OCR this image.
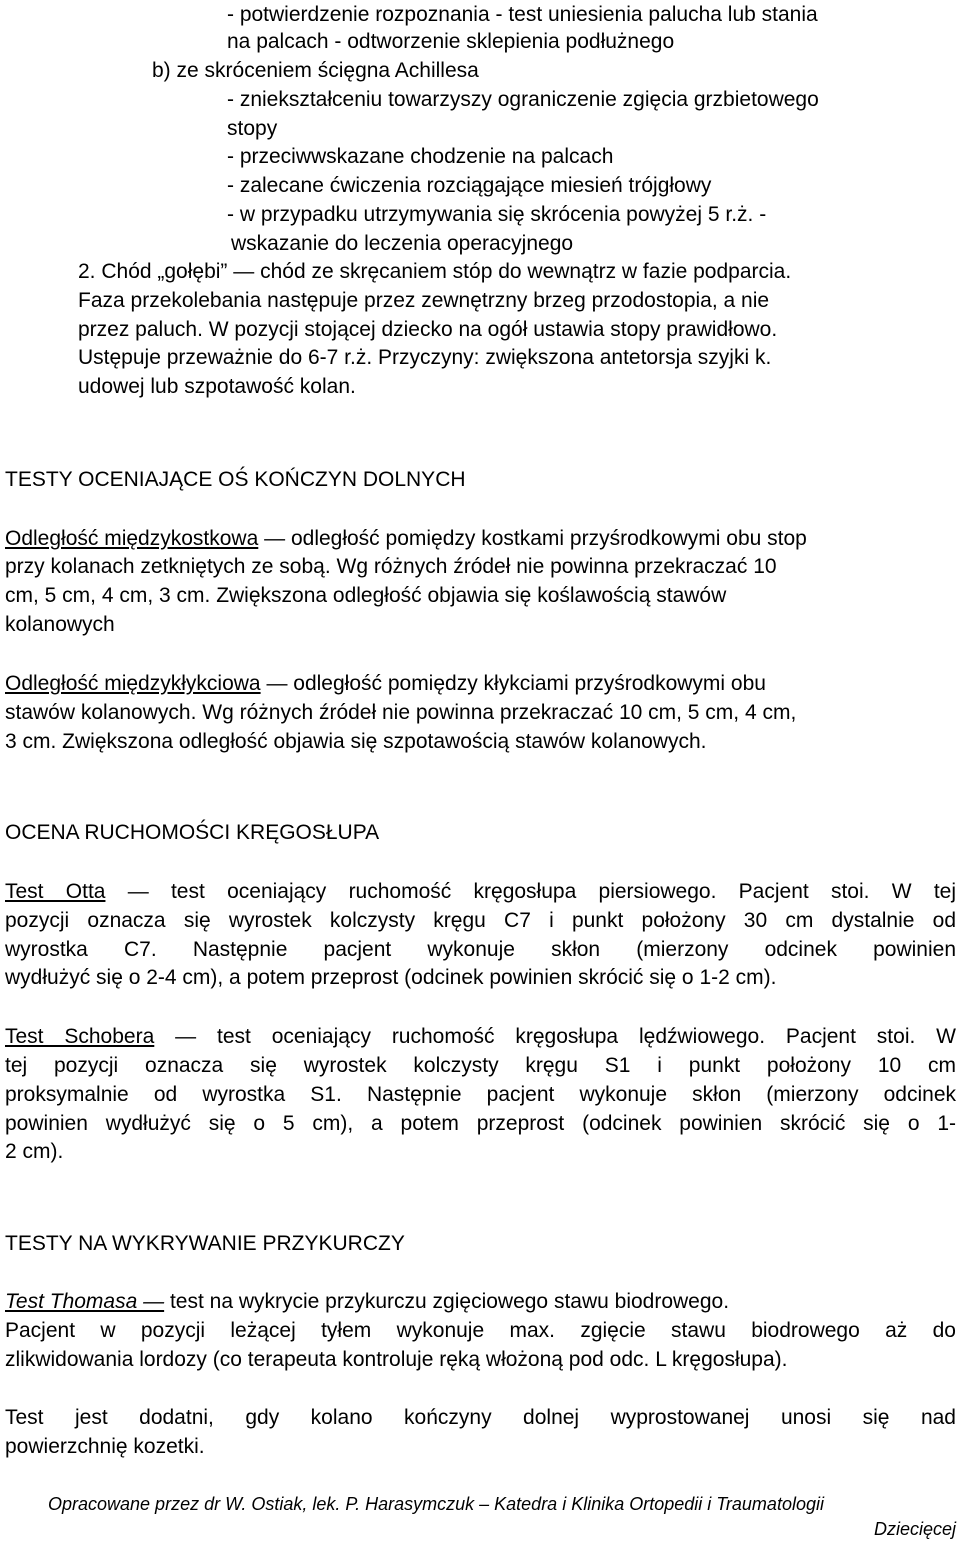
- potwierdzenie rozpoznania - test uniesienia palucha lub stania
na palcach - odtworzenie sklepienia podłużnego
b) ze skróceniem ścięgna Achillesa
- zniekształceniu towarzyszy ograniczenie zgięcia grzbietowego
stopy
- przeciwwskazane chodzenie na palcach
- zalecane ćwiczenia rozciągające miesień trójgłowy
- w przypadku utrzymywania się skrócenia powyżej 5 r.ż. -
wskazanie do leczenia operacyjnego
2. Chód „gołębi” — chód ze skręcaniem stóp do wewnątrz w fazie podparcia.
Faza przekolebania następuje przez zewnętrzny brzeg przodostopia, a nie
przez paluch. W pozycji stojącej dziecko na ogół ustawia stopy prawidłowo.
Ustępuje przeważnie do 6-7 r.ż. Przyczyny: zwiększona antetorsja szyjki k.
udowej lub szpotawość kolan.
TESTY OCENIAJĄCE OŚ KOŃCZYN DOLNYCH
Odległość międzykostkowa — odległość pomiędzy kostkami przyśrodkowymi obu stop
przy kolanach zetkniętych ze sobą. Wg różnych źródeł nie powinna przekraczać 10
cm, 5 cm, 4 cm, 3 cm. Zwiększona odległość objawia się koślawością stawów
kolanowych
Odległość międzykłykciowa — odległość pomiędzy kłykciami przyśrodkowymi obu
stawów kolanowych. Wg różnych źródeł nie powinna przekraczać 10 cm, 5 cm, 4 cm,
3 cm. Zwiększona odległość objawia się szpotawością stawów kolanowych.
OCENA RUCHOMOŚCI KRĘGOSŁUPA
Test Otta — test oceniający ruchomość kręgosłupa piersiowego. Pacjent stoi. W tej
pozycji oznacza się wyrostek kolczysty kręgu C7 i punkt położony 30 cm dystalnie od
wyrostka C7. Następnie pacjent wykonuje skłon (mierzony odcinek powinien
wydłużyć się o 2-4 cm), a potem przeprost (odcinek powinien skrócić się o 1-2 cm).
Test Schobera — test oceniający ruchomość kręgosłupa lędźwiowego. Pacjent stoi. W
tej pozycji oznacza się wyrostek kolczysty kręgu S1 i punkt położony 10 cm
proksymalnie od wyrostka S1. Następnie pacjent wykonuje skłon (mierzony odcinek
powinien wydłużyć się o 5 cm), a potem przeprost (odcinek powinien skrócić się o 1-
2 cm).
TESTY NA WYKRYWANIE PRZYKURCZY
Test Thomasa — test na wykrycie przykurczu zgięciowego stawu biodrowego.
Pacjent w pozycji leżącej tyłem wykonuje max. zgięcie stawu biodrowego aż do
zlikwidowania lordozy (co terapeuta kontroluje ręką włożoną pod odc. L kręgosłupa).
Test jest dodatni, gdy kolano kończyny dolnej wyprostowanej unosi się nad
powierzchnię kozetki.
Opracowane przez dr W. Ostiak, lek. P. Harasymczuk – Katedra i Klinika Ortopedii i Traumatologii
Dziecięcej
